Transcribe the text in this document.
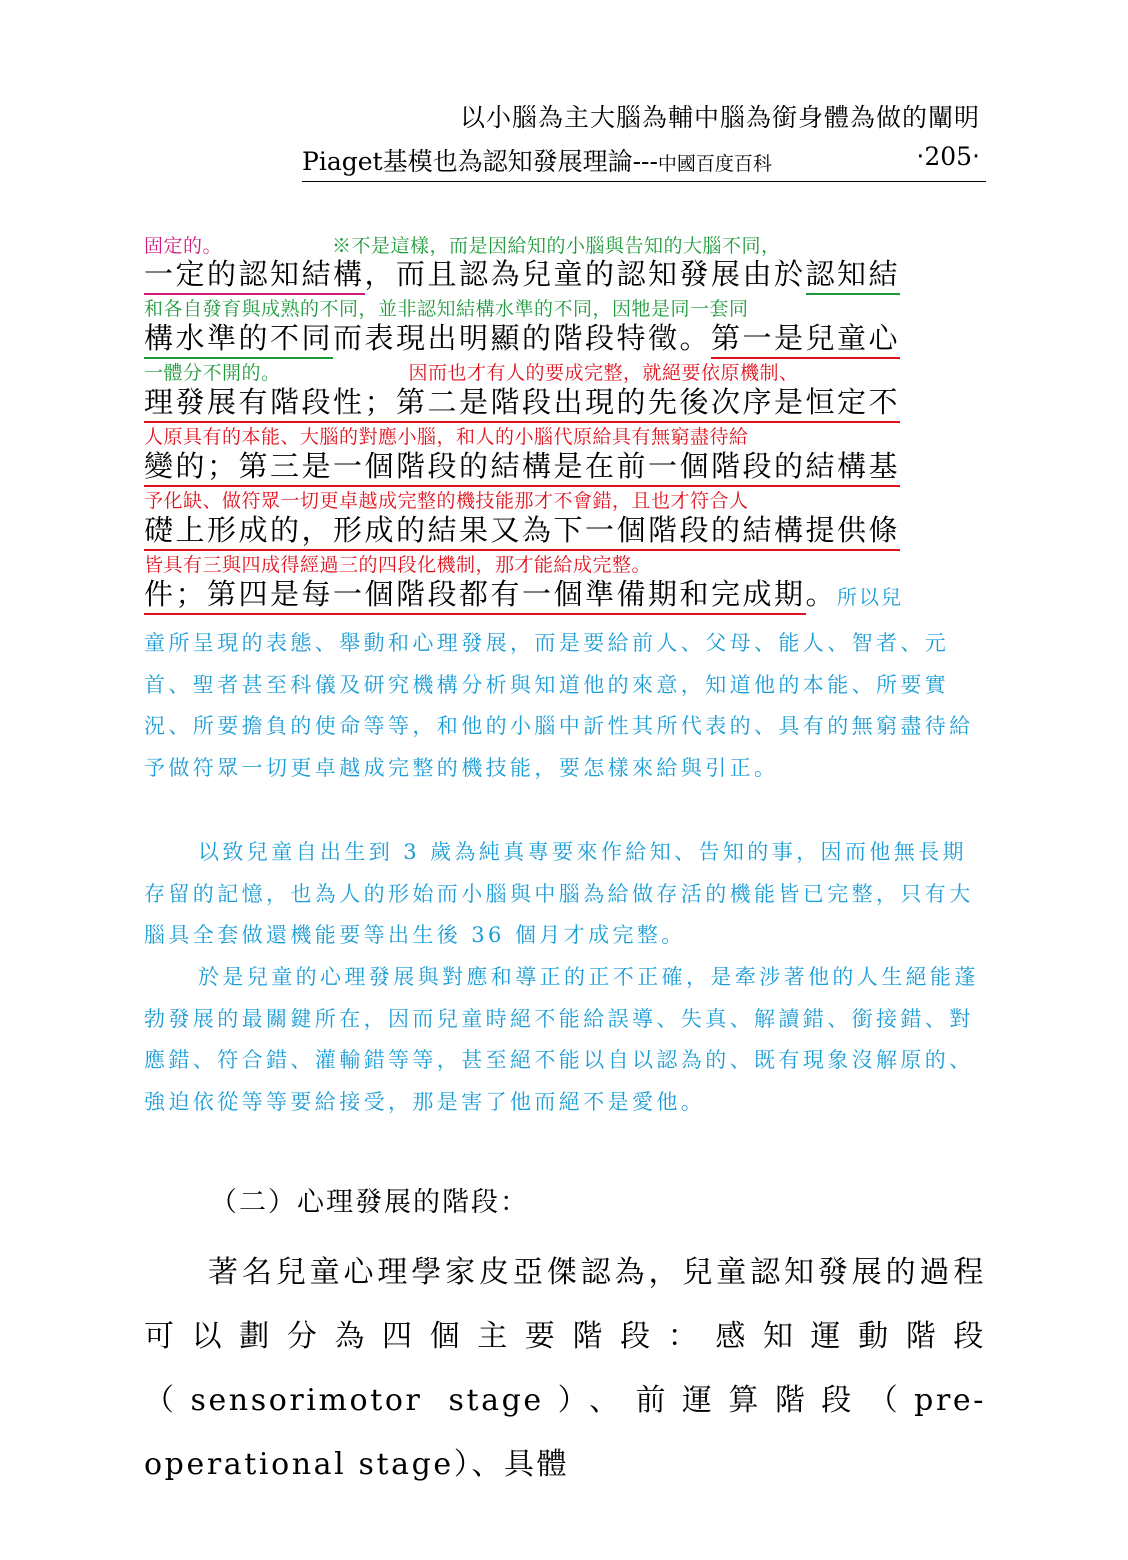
以小腦為主大腦為輔中腦為銜身體為做的闡明
Piaget基模也為認知發展理論---中國百度百科	‧205‧
固定的。	※不是這樣，而是因給知的小腦與告知的大腦不同，
一定的認知結構，而且認為兒童的認知發展由於認知結
和各自發育與成熟的不同，並非認知結構水準的不同，因牠是同一套同
構水準的不同而表現出明顯的階段特徵。第一是兒童心
一體分不開的。	因而也才有人的要成完整，就絕要依原機制、
理發展有階段性；第二是階段出現的先後次序是恒定不
人原具有的本能、大腦的對應小腦，和人的小腦代原給具有無窮盡待給
變的；第三是一個階段的結構是在前一個階段的結構基
予化缺、做符眾一切更卓越成完整的機技能那才不會錯，且也才符合人
礎上形成的，形成的結果又為下一個階段的結構提供條
皆具有三與四成得經過三的四段化機制，那才能給成完整。
件；第四是每一個階段都有一個準備期和完成期。所以兒
童所呈現的表態、舉動和心理發展，而是要給前人、父母、能人、智者、元首、聖者甚至科儀及研究機構分析與知道他的來意，知道他的本能、所要實況、所要擔負的使命等等，和他的小腦中訢性其所代表的、具有的無窮盡待給予做符眾一切更卓越成完整的機技能，要怎樣來給與引正。
以致兒童自出生到 3 歲為純真專要來作給知、告知的事，因而他無長期存留的記憶，也為人的形始而小腦與中腦為給做存活的機能皆已完整，只有大腦具全套做還機能要等出生後 36 個月才成完整。
於是兒童的心理發展與對應和導正的正不正確，是牽涉著他的人生絕能蓬勃發展的最關鍵所在，因而兒童時絕不能給誤導、失真、解讀錯、銜接錯、對應錯、符合錯、灌輸錯等等，甚至絕不能以自以認為的、既有現象沒解原的、強迫依從等等要給接受，那是害了他而絕不是愛他。
（二）心理發展的階段：
著名兒童心理學家皮亞傑認為，兒童認知發展的過程可以劃分為四個主要階段：感知運動階段（sensorimotor stage）、前運算階段（pre-operational stage）、具體
